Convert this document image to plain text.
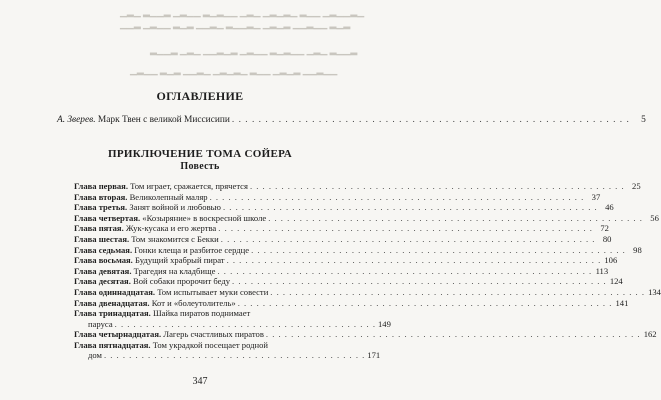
▁▂▁ ▂▁▁▂ ▁▂▁▁ ▂▁▂▁▁ ▁▂▁ ▁▂▁▂▁ ▂▁▁ ▁▂▁▁▂▁
▁▁▂ ▁▂▁▁ ▂▁▂ ▁▁▂▁ ▂▁▁▂▁ ▁▂▁▂ ▁▁▂▁▁ ▂▁▂
▂▁▁▂ ▁▂▁ ▁▁▂▁▂ ▁▂▁▁ ▂▁▂▁▁ ▁▂▁ ▂▁▁▂
▁▂▁▁ ▂▁▂ ▁▁▂▁ ▁▂▁▂▁ ▂▁▁ ▁▂▁▂ ▁▁▂▁▁
ОГЛАВЛЕНИЕ
А. Зверев. Марк Твен с великой Миссисипи . . .	5
ПРИКЛЮЧЕНИЕ ТОМА СОЙЕРА
Повесть
Глава первая. Том играет, сражается, прячется . . .	25
Глава вторая. Великолепный маляр . . .	37
Глава третья. Занят войной и любовью . . .	46
Глава четвертая. «Козыряние» в воскресной школе . . .	56
Глава пятая. Жук-кусака и его жертва . . .	72
Глава шестая. Том знакомится с Бекки . . .	80
Глава седьмая. Гонки клеща и разбитое сердце . . .	98
Глава восьмая. Будущий храбрый пират . . .	106
Глава девятая. Трагедия на кладбище . . .	113
Глава десятая. Вой собаки пророчит беду . . .	124
Глава одиннадцатая. Том испытывает муки совести . . .	134
Глава двенадцатая. Кот и «болеутолитель» . . .	141
Глава тринадцатая. Шайка пиратов поднимает
паруса . . .	149
347
Глава четырнадцатая. Лагерь счастливых пиратов . . .	162
Глава пятнадцатая. Том украдкой посещает родной
дом . . .	171
